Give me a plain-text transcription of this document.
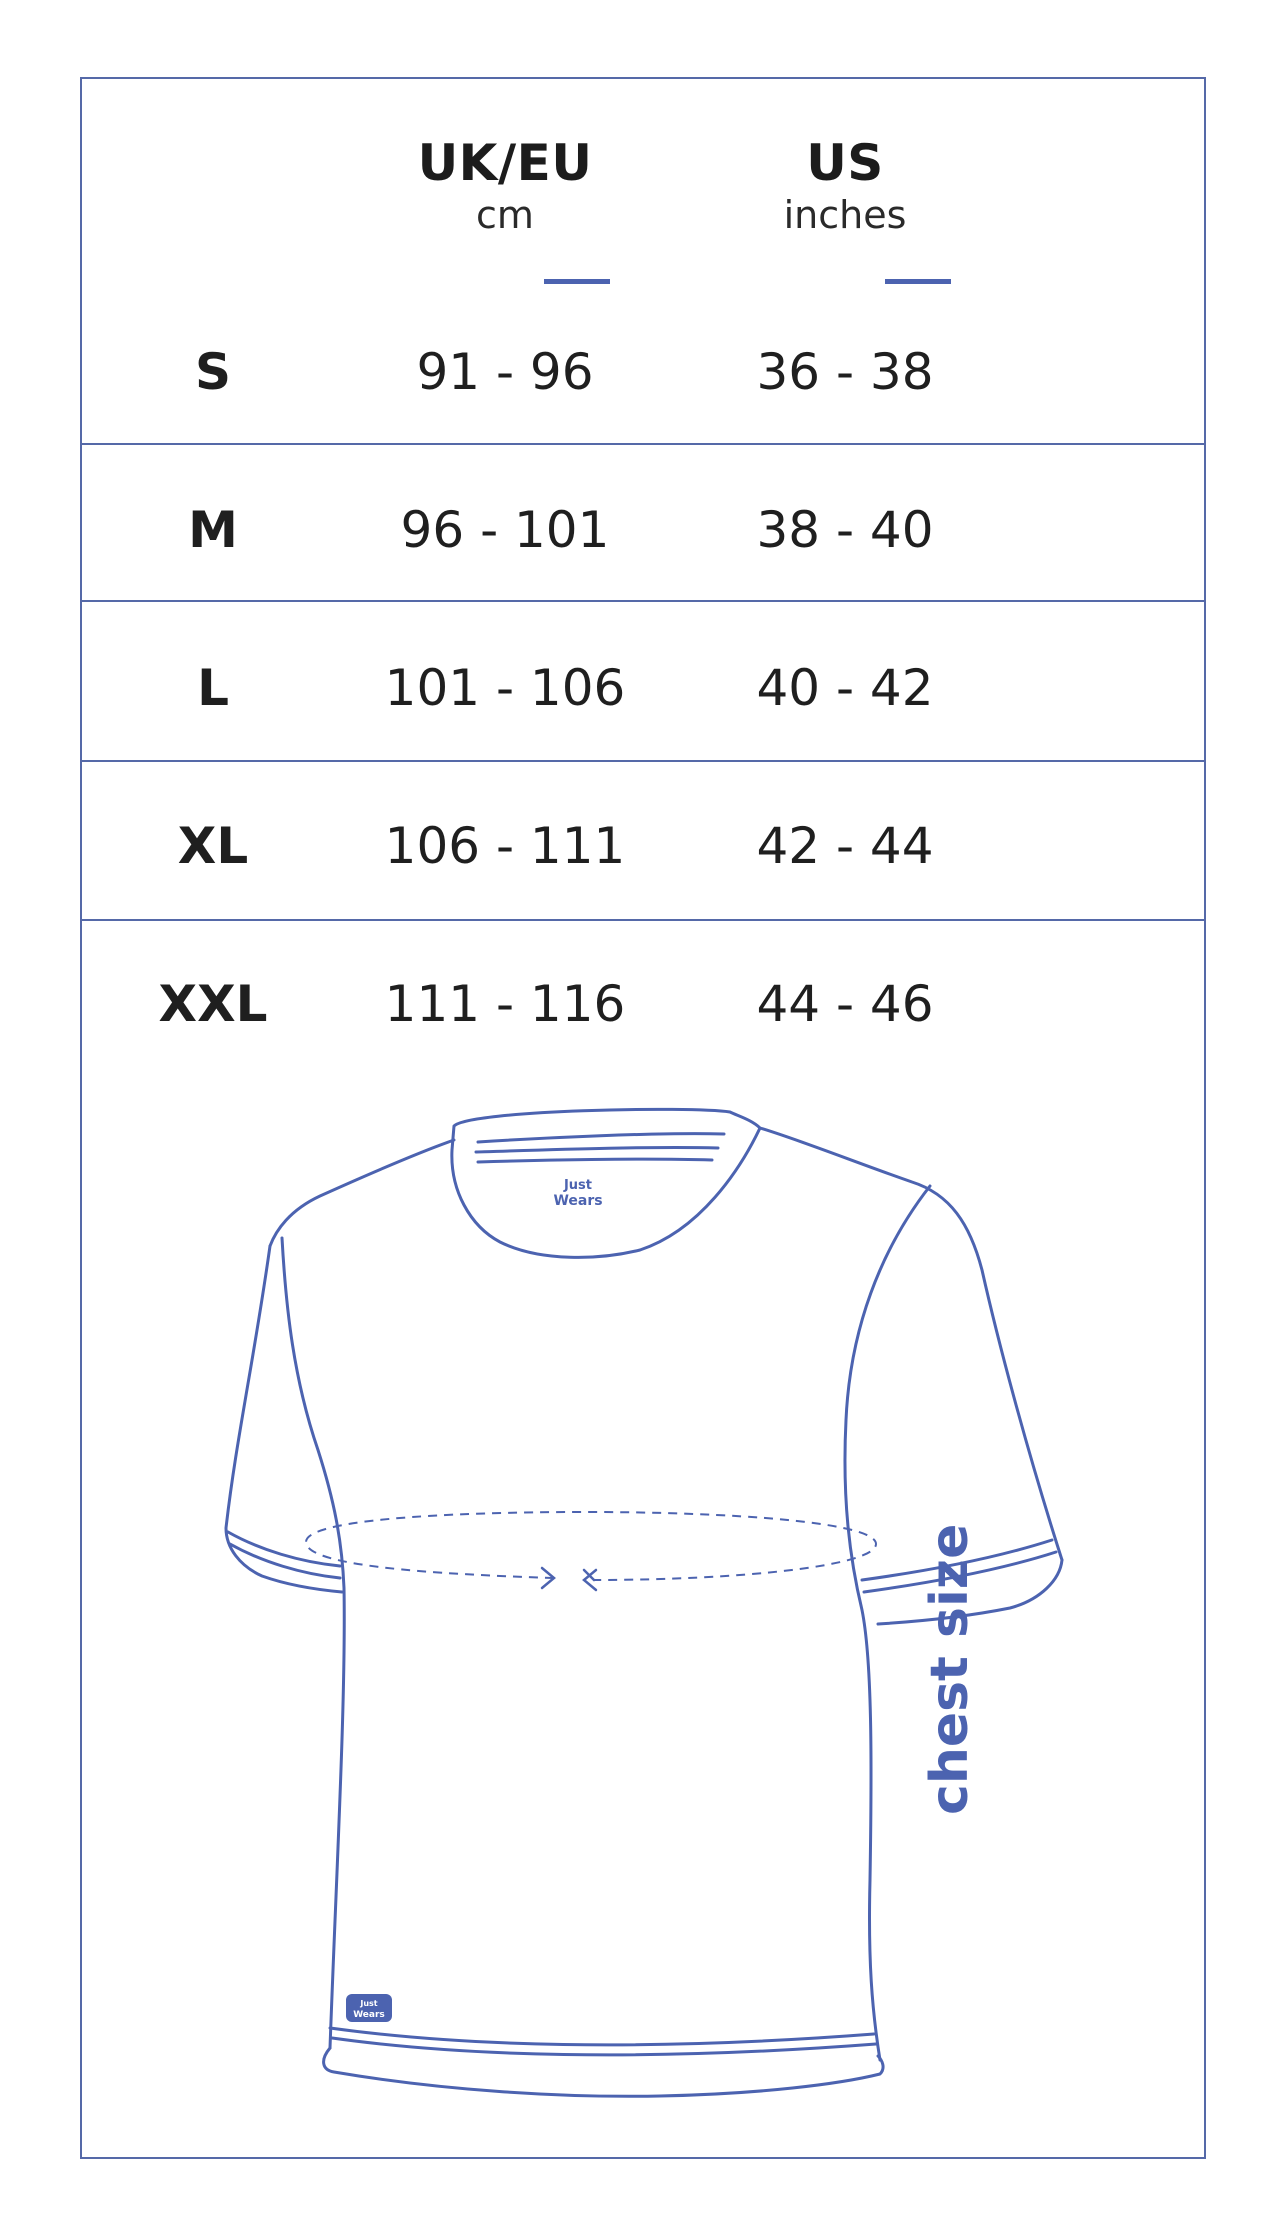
UK/EU
cm
US
inches
S	91 - 96	36 - 38
M	96 - 101	38 - 40
L	101 - 106	40 - 42
XL	106 - 111	42 - 44
XXL	111 - 116	44 - 46
Just
Wears
Just
Wears
chest size
